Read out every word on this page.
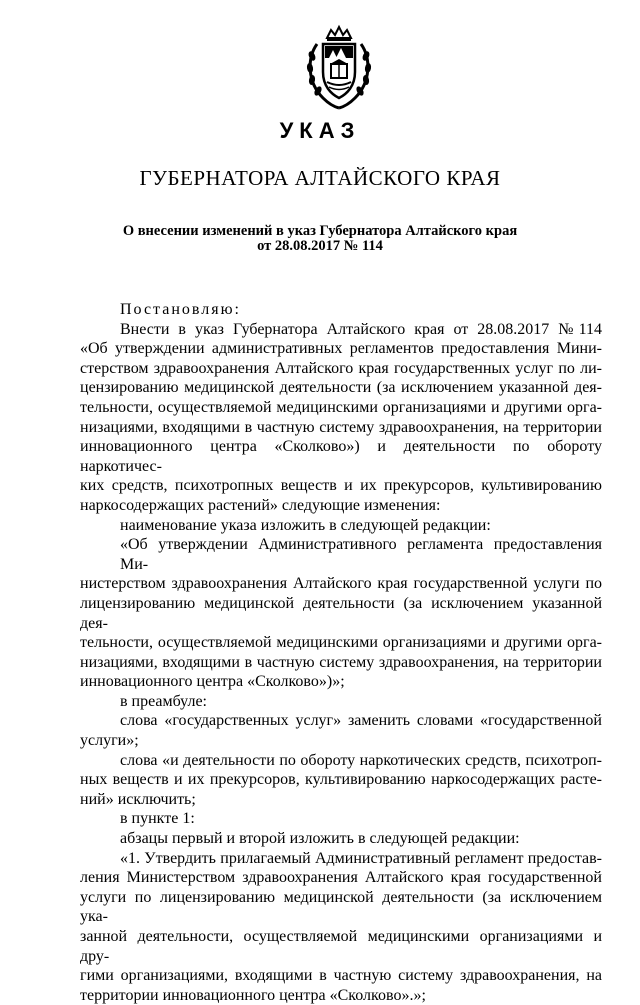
УКАЗ
ГУБЕРНАТОРА АЛТАЙСКОГО КРАЯ
О внесении изменений в указ Губернатора Алтайского края
от 28.08.2017 № 114
Постановляю:
Внести в указ Губернатора Алтайского края от 28.08.2017 №114
«Об утверждении административных регламентов предоставления Мини-
стерством здравоохранения Алтайского края государственных услуг по ли-
цензированию медицинской деятельности (за исключением указанной дея-
тельности, осуществляемой медицинскими организациями и другими орга-
низациями, входящими в частную систему здравоохранения, на территории
инновационного центра «Сколково») и деятельности по обороту наркотичес-
ких средств, психотропных веществ и их прекурсоров, культивированию
наркосодержащих растений» следующие изменения:
наименование указа изложить в следующей редакции:
«Об утверждении Административного регламента предоставления Ми-
нистерством здравоохранения Алтайского края государственной услуги по
лицензированию медицинской деятельности (за исключением указанной дея-
тельности, осуществляемой медицинскими организациями и другими орга-
низациями, входящими в частную систему здравоохранения, на территории
инновационного центра «Сколково»)»;
в преамбуле:
слова «государственных услуг» заменить словами «государственной
услуги»;
слова «и деятельности по обороту наркотических средств, психотроп-
ных веществ и их прекурсоров, культивированию наркосодержащих расте-
ний» исключить;
в пункте 1:
абзацы первый и второй изложить в следующей редакции:
«1. Утвердить прилагаемый Административный регламент предостав-
ления Министерством здравоохранения Алтайского края государственной
услуги по лицензированию медицинской деятельности (за исключением ука-
занной деятельности, осуществляемой медицинскими организациями и дру-
гими организациями, входящими в частную систему здравоохранения, на
территории инновационного центра «Сколково».»;
